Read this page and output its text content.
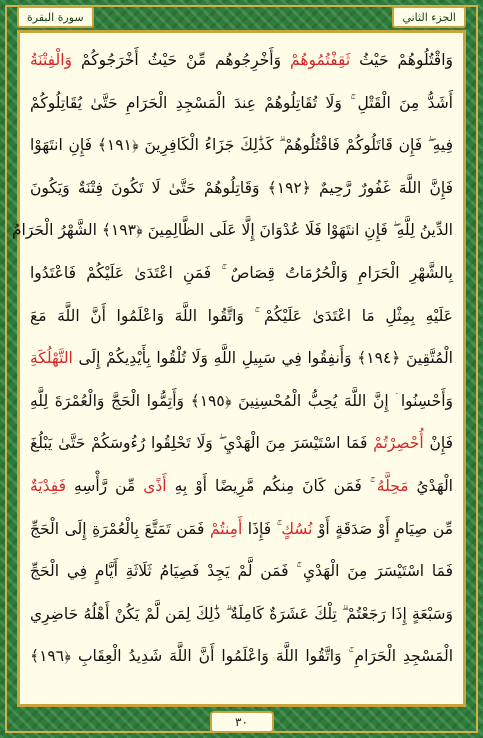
سورة البقرة	الجزء الثاني
وَاقْتُلُوهُمْ حَيْثُ ثَقِفْتُمُوهُمْ وَأَخْرِجُوهُم مِّنْ حَيْثُ أَخْرَجُوكُمْ وَالْفِتْنَةُ
أَشَدُّ مِنَ الْقَتْلِ ۚ وَلَا تُقَاتِلُوهُمْ عِندَ الْمَسْجِدِ الْحَرَامِ حَتَّىٰ يُقَاتِلُوكُمْ
فِيهِ ۖ فَإِن قَاتَلُوكُمْ فَاقْتُلُوهُمْ ۗ كَذَٰلِكَ جَزَاءُ الْكَافِرِينَ ﴿١٩١﴾ فَإِنِ انتَهَوْا
فَإِنَّ اللَّهَ غَفُورٌ رَّحِيمٌ ﴿١٩٢﴾ وَقَاتِلُوهُمْ حَتَّىٰ لَا تَكُونَ فِتْنَةٌ وَيَكُونَ
الدِّينُ لِلَّهِ ۖ فَإِنِ انتَهَوْا فَلَا عُدْوَانَ إِلَّا عَلَى الظَّالِمِينَ ﴿١٩٣﴾ الشَّهْرُ الْحَرَامُ
بِالشَّهْرِ الْحَرَامِ وَالْحُرُمَاتُ قِصَاصٌ ۚ فَمَنِ اعْتَدَىٰ عَلَيْكُمْ فَاعْتَدُوا
عَلَيْهِ بِمِثْلِ مَا اعْتَدَىٰ عَلَيْكُمْ ۚ وَاتَّقُوا اللَّهَ وَاعْلَمُوا أَنَّ اللَّهَ مَعَ
الْمُتَّقِينَ ﴿١٩٤﴾ وَأَنفِقُوا فِي سَبِيلِ اللَّهِ وَلَا تُلْقُوا بِأَيْدِيكُمْ إِلَى التَّهْلُكَةِ
وَأَحْسِنُوا ۛ إِنَّ اللَّهَ يُحِبُّ الْمُحْسِنِينَ ﴿١٩٥﴾ وَأَتِمُّوا الْحَجَّ وَالْعُمْرَةَ لِلَّهِ
فَإِنْ أُحْصِرْتُمْ فَمَا اسْتَيْسَرَ مِنَ الْهَدْيِ ۖ وَلَا تَحْلِقُوا رُءُوسَكُمْ حَتَّىٰ يَبْلُغَ
الْهَدْيُ مَحِلَّهُ ۚ فَمَن كَانَ مِنكُم مَّرِيضًا أَوْ بِهِ أَذًى مِّن رَّأْسِهِ فَفِدْيَةٌ
مِّن صِيَامٍ أَوْ صَدَقَةٍ أَوْ نُسُكٍ ۚ فَإِذَا أَمِنتُمْ فَمَن تَمَتَّعَ بِالْعُمْرَةِ إِلَى الْحَجِّ
فَمَا اسْتَيْسَرَ مِنَ الْهَدْيِ ۚ فَمَن لَّمْ يَجِدْ فَصِيَامُ ثَلَاثَةِ أَيَّامٍ فِي الْحَجِّ
وَسَبْعَةٍ إِذَا رَجَعْتُمْ ۗ تِلْكَ عَشَرَةٌ كَامِلَةٌ ۗ ذَٰلِكَ لِمَن لَّمْ يَكُنْ أَهْلُهُ حَاضِرِي
الْمَسْجِدِ الْحَرَامِ ۚ وَاتَّقُوا اللَّهَ وَاعْلَمُوا أَنَّ اللَّهَ شَدِيدُ الْعِقَابِ ﴿١٩٦﴾
٣٠
